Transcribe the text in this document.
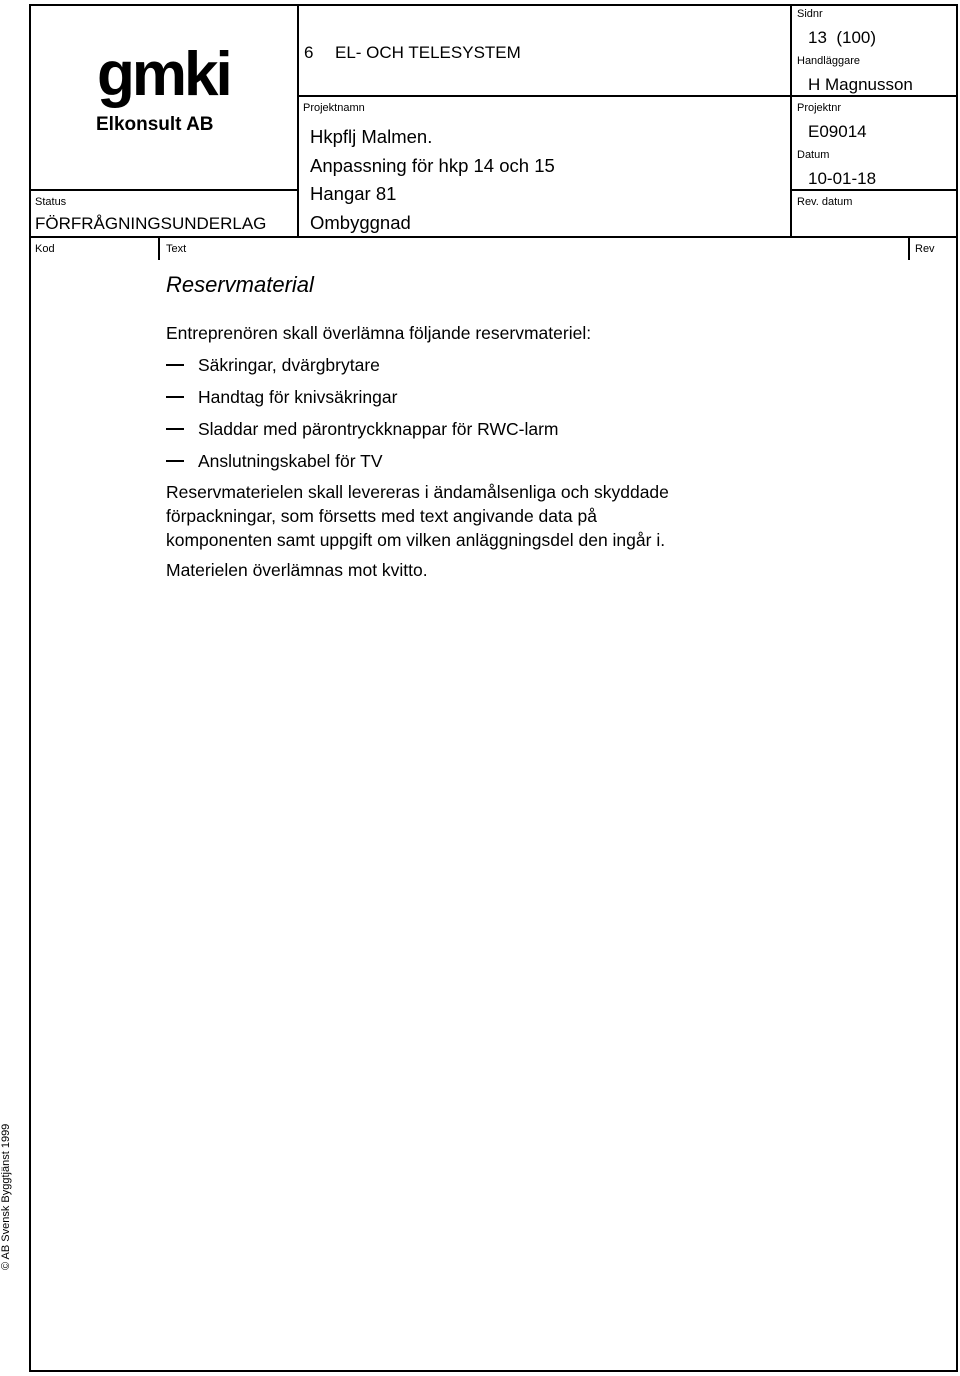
gmki
Elkonsult AB
Status
FÖRFRÅGNINGSUNDERLAG
6 EL- OCH TELESYSTEM
Projektnamn
Hkpflj Malmen.
Anpassning för hkp 14 och 15
Hangar 81
Ombyggnad
Sidnr
13  (100)
Handläggare
H Magnusson
Projektnr
E09014
Datum
10-01-18
Rev. datum
Kod	Text	Rev
Reservmaterial
Entreprenören skall överlämna följande reservmateriel:
Säkringar, dvärgbrytare
Handtag för knivsäkringar
Sladdar med pärontryckknappar för RWC-larm
Anslutningskabel för TV
Reservmaterielen skall levereras i ändamålsenliga och skyddade
förpackningar, som försetts med text angivande data på
komponenten samt uppgift om vilken anläggningsdel den ingår i.
Materielen överlämnas mot kvitto.
© AB Svensk Byggtjänst 1999
